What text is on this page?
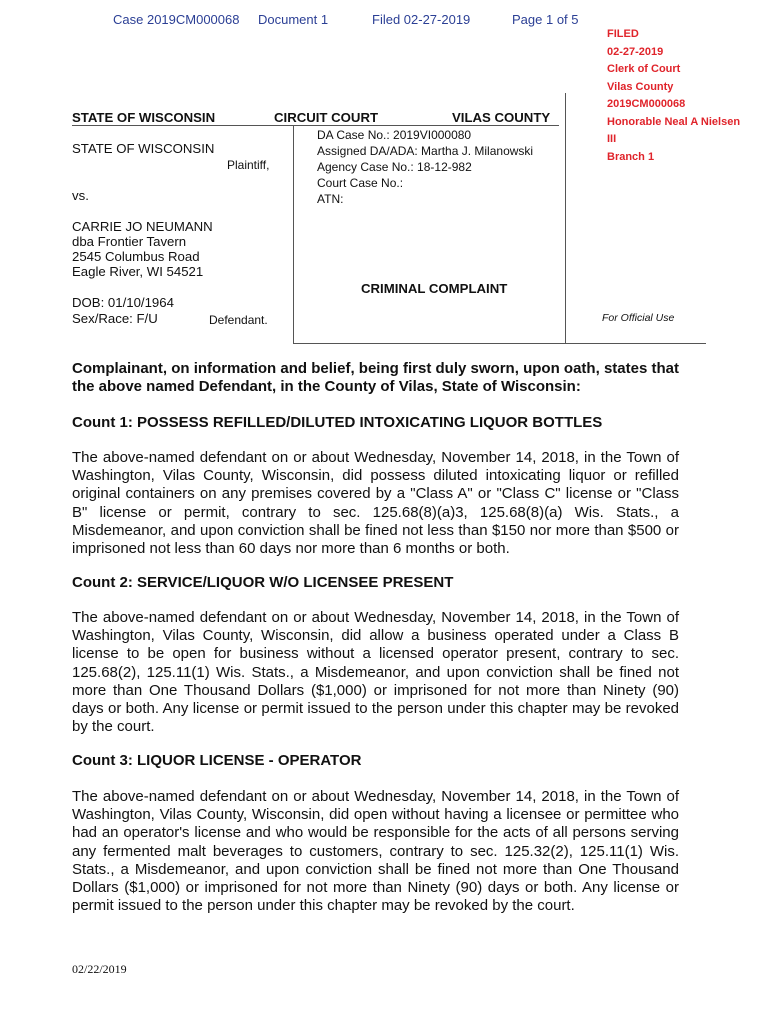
Case 2019CM000068 Document 1	Filed 02-27-2019	Page 1 of 5
FILED
02-27-2019
Clerk of Court
Vilas County
2019CM000068
Honorable Neal A Nielsen
III
Branch 1
STATE OF WISCONSIN	CIRCUIT COURT	VILAS COUNTY
STATE OF WISCONSIN
Plaintiff,
vs.
CARRIE JO NEUMANN
dba Frontier Tavern
2545 Columbus Road
Eagle River, WI 54521
DOB: 01/10/1964
Sex/Race: F/U	Defendant.
DA Case No.: 2019VI000080
Assigned DA/ADA: Martha J. Milanowski
Agency Case No.: 18-12-982
Court Case No.:
ATN:
CRIMINAL COMPLAINT
For Official Use
Complainant, on information and belief, being first duly sworn, upon oath, states that the above named Defendant, in the County of Vilas, State of Wisconsin:
Count 1: POSSESS REFILLED/DILUTED INTOXICATING LIQUOR BOTTLES
The above-named defendant on or about Wednesday, November 14, 2018, in the Town of Washington, Vilas County, Wisconsin, did possess diluted intoxicating liquor or refilled original containers on any premises covered by a "Class A" or "Class C" license or "Class B" license or permit, contrary to sec. 125.68(8)(a)3, 125.68(8)(a) Wis. Stats., a Misdemeanor, and upon conviction shall be fined not less than $150 nor more than $500 or imprisoned not less than 60 days nor more than 6 months or both.
Count 2: SERVICE/LIQUOR W/O LICENSEE PRESENT
The above-named defendant on or about Wednesday, November 14, 2018, in the Town of Washington, Vilas County, Wisconsin, did allow a business operated under a Class B license to be open for business without a licensed operator present, contrary to sec. 125.68(2), 125.11(1) Wis. Stats., a Misdemeanor, and upon conviction shall be fined not more than One Thousand Dollars ($1,000) or imprisoned for not more than Ninety (90) days or both. Any license or permit issued to the person under this chapter may be revoked by the court.
Count 3: LIQUOR LICENSE - OPERATOR
The above-named defendant on or about Wednesday, November 14, 2018, in the Town of Washington, Vilas County, Wisconsin, did open without having a licensee or permittee who had an operator's license and who would be responsible for the acts of all persons serving any fermented malt beverages to customers, contrary to sec. 125.32(2), 125.11(1) Wis. Stats., a Misdemeanor, and upon conviction shall be fined not more than One Thousand Dollars ($1,000) or imprisoned for not more than Ninety (90) days or both. Any license or permit issued to the person under this chapter may be revoked by the court.
02/22/2019
